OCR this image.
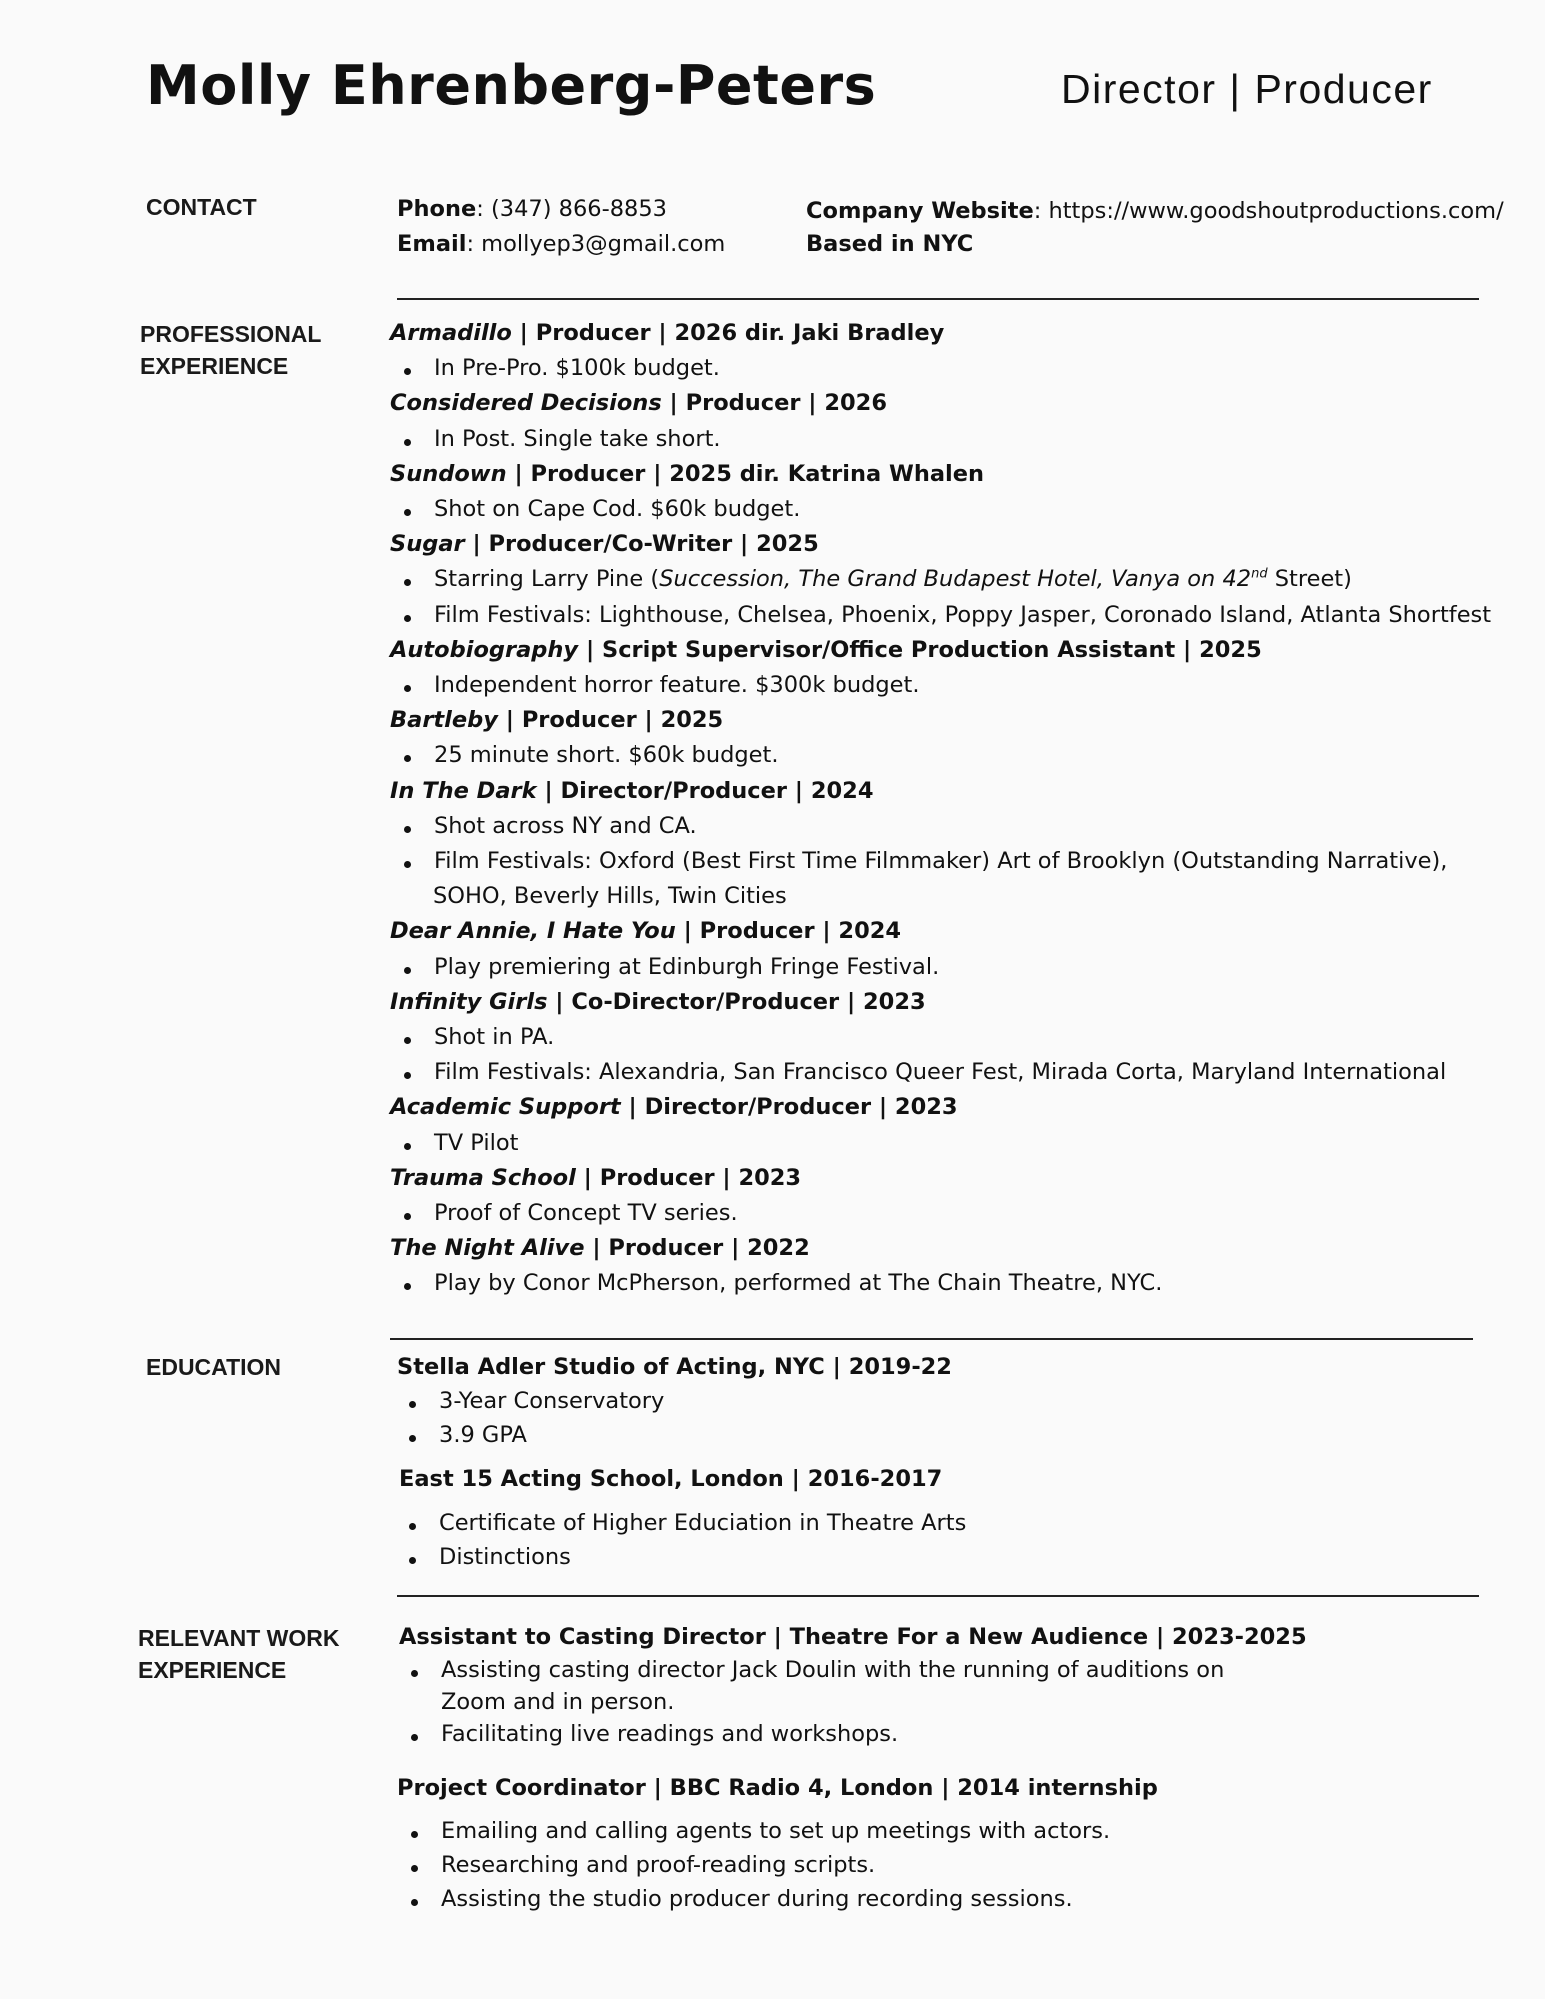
Molly Ehrenberg-Peters	Director | Producer
CONTACT	Phone: (347) 866-8853
Email: mollyep3@gmail.com
Company Website: https://www.goodshoutproductions.com/
Based in NYC
PROFESSIONAL
EXPERIENCE
Armadillo | Producer | 2026 dir. Jaki Bradley
In Pre-Pro. $100k budget.
Considered Decisions | Producer | 2026
In Post. Single take short.
Sundown | Producer | 2025 dir. Katrina Whalen
Shot on Cape Cod. $60k budget.
Sugar | Producer/Co-Writer | 2025
Starring Larry Pine (Succession, The Grand Budapest Hotel, Vanya on 42nd Street)
Film Festivals: Lighthouse, Chelsea, Phoenix, Poppy Jasper, Coronado Island, Atlanta Shortfest
Autobiography | Script Supervisor/Office Production Assistant | 2025
Independent horror feature. $300k budget.
Bartleby | Producer | 2025
25 minute short. $60k budget.
In The Dark | Director/Producer | 2024
Shot across NY and CA.
Film Festivals: Oxford (Best First Time Filmmaker) Art of Brooklyn (Outstanding Narrative),
SOHO, Beverly Hills, Twin Cities
Dear Annie, I Hate You | Producer | 2024
Play premiering at Edinburgh Fringe Festival.
Infinity Girls | Co-Director/Producer | 2023
Shot in PA.
Film Festivals: Alexandria, San Francisco Queer Fest, Mirada Corta, Maryland International
Academic Support | Director/Producer | 2023
TV Pilot
Trauma School | Producer | 2023
Proof of Concept TV series.
The Night Alive | Producer | 2022
Play by Conor McPherson, performed at The Chain Theatre, NYC.
EDUCATION	Stella Adler Studio of Acting, NYC | 2019-22
3-Year Conservatory
3.9 GPA
East 15 Acting School, London | 2016-2017
Certificate of Higher Educiation in Theatre Arts
Distinctions
RELEVANT WORK
EXPERIENCE
Assistant to Casting Director | Theatre For a New Audience | 2023-2025
Assisting casting director Jack Doulin with the running of auditions on
Zoom and in person.
Facilitating live readings and workshops.
Project Coordinator | BBC Radio 4, London | 2014 internship
Emailing and calling agents to set up meetings with actors.
Researching and proof-reading scripts.
Assisting the studio producer during recording sessions.
